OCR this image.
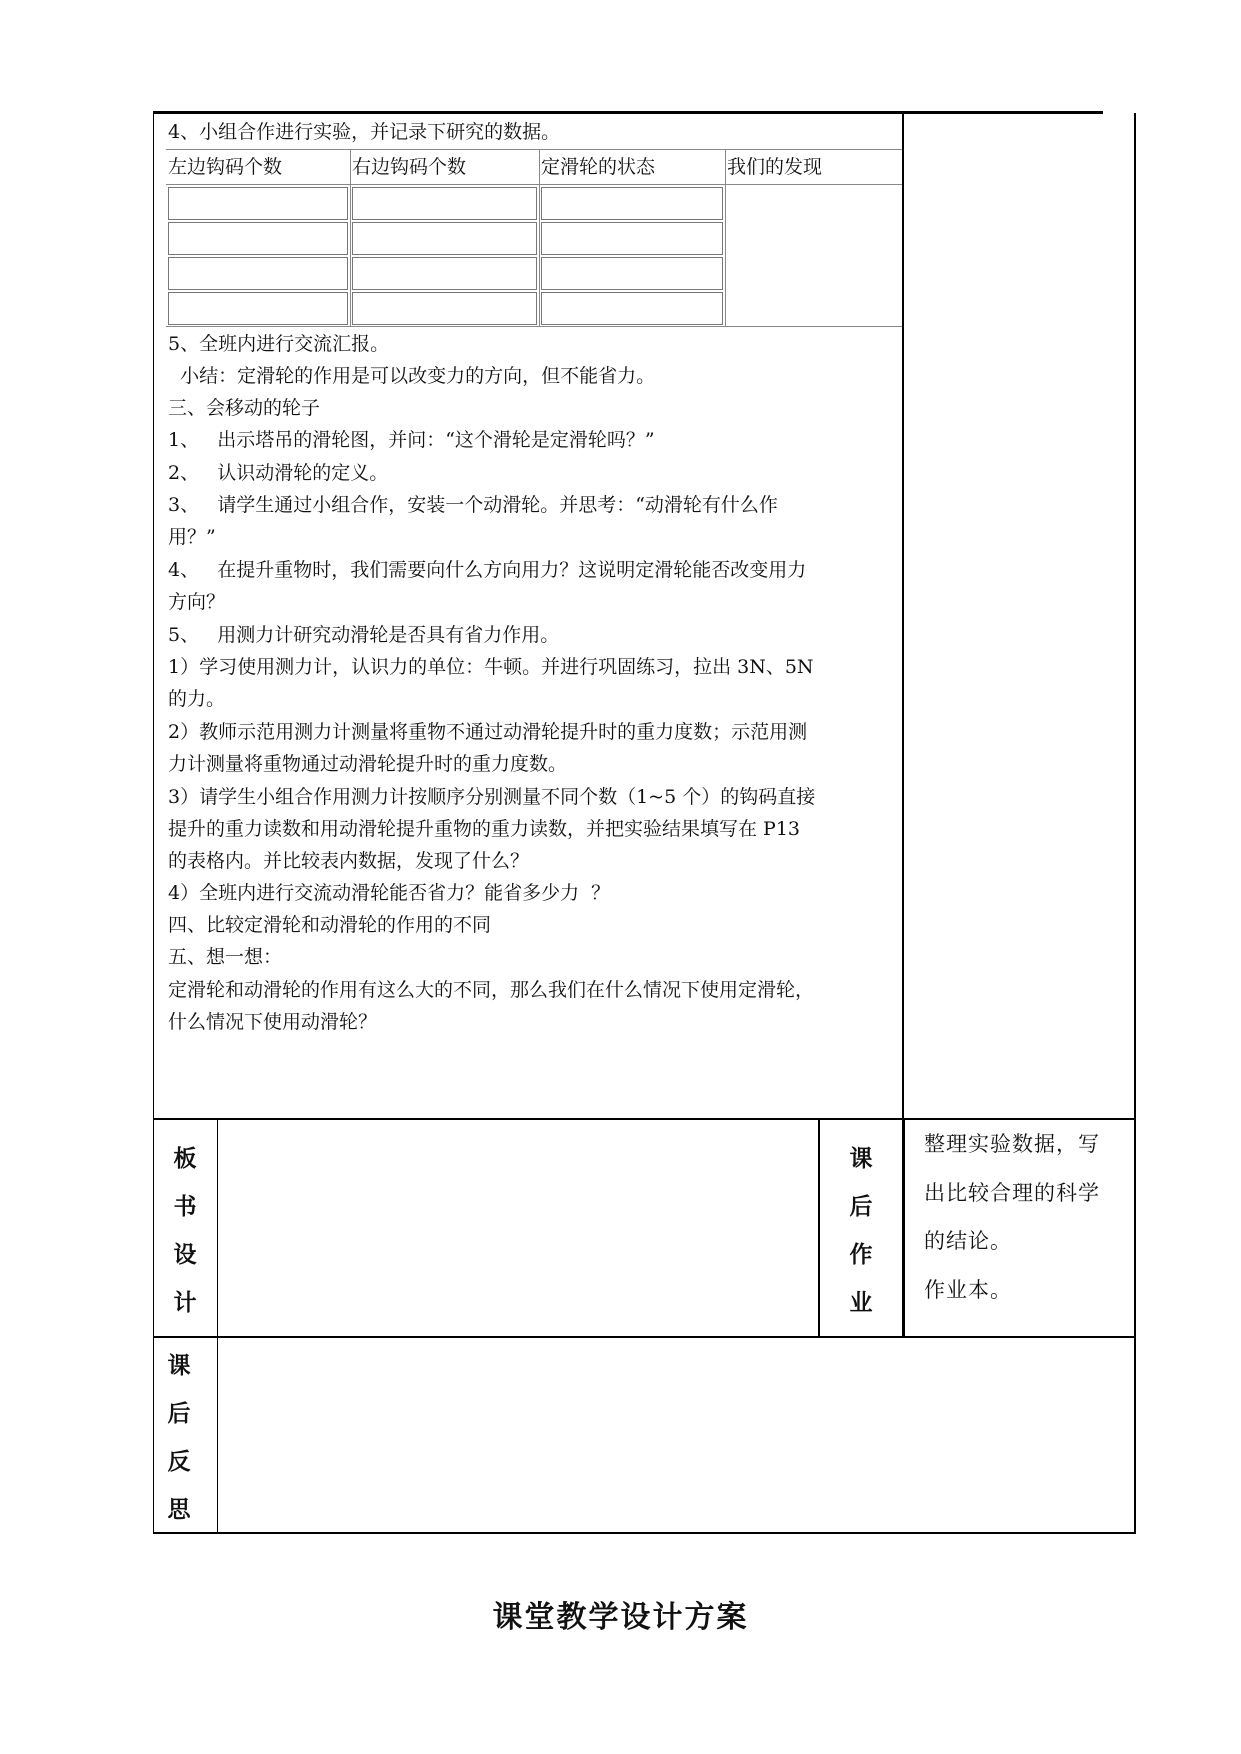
4、小组合作进行实验，并记录下研究的数据。
左边钩码个数	右边钩码个数	定滑轮的状态	我们的发现
5、全班内进行交流汇报。
小结：定滑轮的作用是可以改变力的方向，但不能省力。
三、会移动的轮子
1、   出示塔吊的滑轮图，并问：“这个滑轮是定滑轮吗？”
2、   认识动滑轮的定义。
3、   请学生通过小组合作，安装一个动滑轮。并思考：“动滑轮有什么作
用？”
4、   在提升重物时，我们需要向什么方向用力？这说明定滑轮能否改变用力
方向？
5、   用测力计研究动滑轮是否具有省力作用。
1）学习使用测力计，认识力的单位：牛顿。并进行巩固练习，拉出 3N、5N
的力。
2）教师示范用测力计测量将重物不通过动滑轮提升时的重力度数；示范用测
力计测量将重物通过动滑轮提升时的重力度数。
3）请学生小组合作用测力计按顺序分别测量不同个数（1~5 个）的钩码直接
提升的重力读数和用动滑轮提升重物的重力读数，并把实验结果填写在 P13
的表格内。并比较表内数据，发现了什么？
4）全班内进行交流动滑轮能否省力？能省多少力  ？
四、比较定滑轮和动滑轮的作用的不同
五、想一想：
定滑轮和动滑轮的作用有这么大的不同，那么我们在什么情况下使用定滑轮，
什么情况下使用动滑轮？
板
书
设
计
课
后
作
业
整理实验数据，写
出比较合理的科学
的结论。
作业本。
课
后
反
思
课堂教学设计方案
